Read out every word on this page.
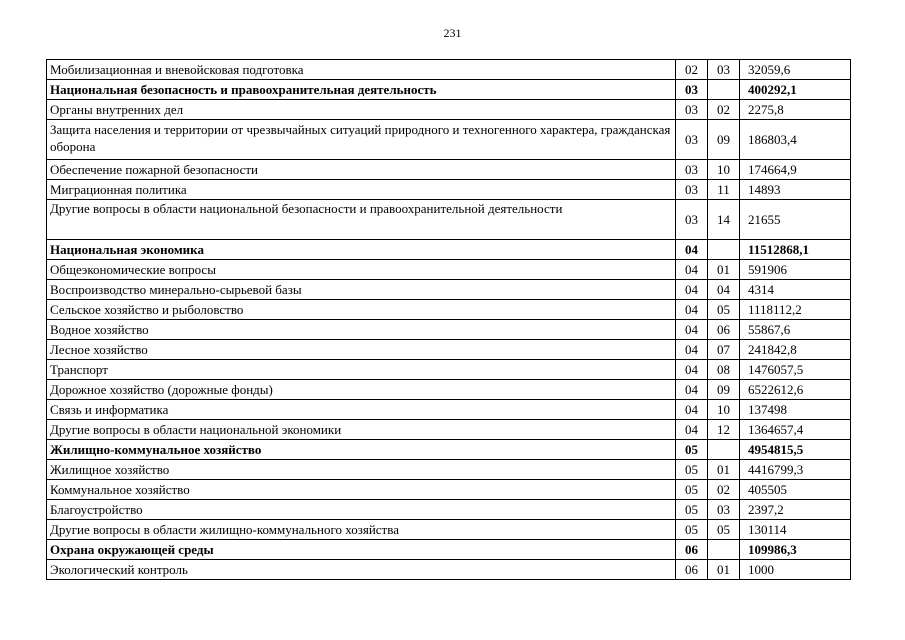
231
Мобилизационная и вневойсковая подготовка	02	03	32059,6
Национальная безопасность и правоохранительная деятельность	03		400292,1
Органы внутренних дел	03	02	2275,8
Защита населения и территории от чрезвычайных ситуаций природного и техногенного характера, гражданская оборона	03	09	186803,4
Обеспечение пожарной безопасности	03	10	174664,9
Миграционная политика	03	11	14893
Другие вопросы в области национальной безопасности и правоохранительной деятельности	03	14	21655
Национальная экономика	04		11512868,1
Общеэкономические вопросы	04	01	591906
Воспроизводство минерально-сырьевой базы	04	04	4314
Сельское хозяйство и рыболовство	04	05	1118112,2
Водное хозяйство	04	06	55867,6
Лесное хозяйство	04	07	241842,8
Транспорт	04	08	1476057,5
Дорожное хозяйство (дорожные фонды)	04	09	6522612,6
Связь и информатика	04	10	137498
Другие вопросы в области национальной экономики	04	12	1364657,4
Жилищно-коммунальное хозяйство	05		4954815,5
Жилищное хозяйство	05	01	4416799,3
Коммунальное хозяйство	05	02	405505
Благоустройство	05	03	2397,2
Другие вопросы в области жилищно-коммунального хозяйства	05	05	130114
Охрана окружающей среды	06		109986,3
Экологический контроль	06	01	1000
